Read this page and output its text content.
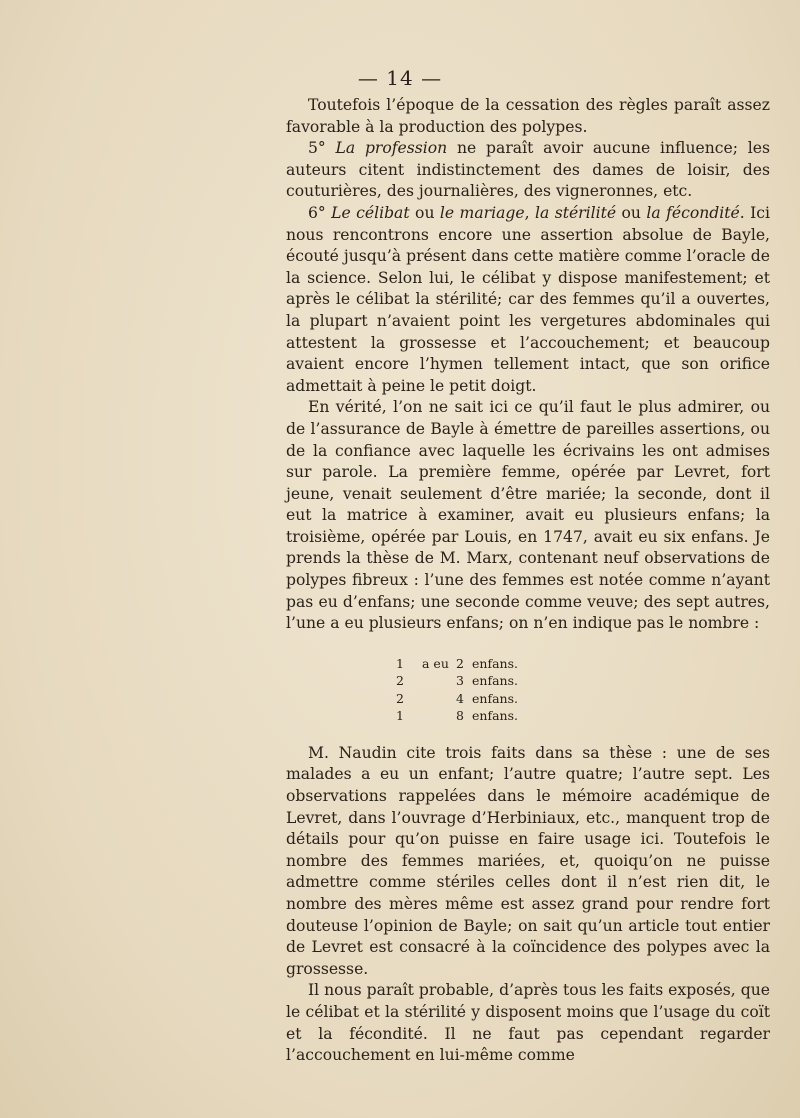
— 14 —

Toutefois l’époque de la cessation des règles paraît assez favorable à la production des polypes.

5° La profession ne paraît avoir aucune influence; les auteurs citent indistinctement des dames de loisir, des couturières, des journalières, des vigneronnes, etc.

6° Le célibat ou le mariage, la stérilité ou la fécondité. Ici nous rencontrons encore une assertion absolue de Bayle, écouté jusqu’à présent dans cette matière comme l’oracle de la science. Selon lui, le célibat y dispose manifestement; et après le célibat la stérilité; car des femmes qu’il a ouvertes, la plupart n’avaient point les vergetures abdominales qui attestent la grossesse et l’accouchement; et beaucoup avaient encore l’hymen tellement intact, que son orifice admettait à peine le petit doigt.

En vérité, l’on ne sait ici ce qu’il faut le plus admirer, ou de l’assurance de Bayle à émettre de pareilles assertions, ou de la confiance avec laquelle les écrivains les ont admises sur parole. La première femme, opérée par Levret, fort jeune, venait seulement d’être mariée; la seconde, dont il eut la matrice à examiner, avait eu plusieurs enfans; la troisième, opérée par Louis, en 1747, avait eu six enfans. Je prends la thèse de M. Marx, contenant neuf observations de polypes fibreux : l’une des femmes est notée comme n’ayant pas eu d’enfans; une seconde comme veuve; des sept autres, l’une a eu plusieurs enfans; on n’en indique pas le nombre :

1	a eu 2 enfans.
2	3 enfans.
2	4 enfans.
1	8 enfans.

M. Naudin cite trois faits dans sa thèse : une de ses malades a eu un enfant; l’autre quatre; l’autre sept. Les observations rappelées dans le mémoire académique de Levret, dans l’ouvrage d’Herbiniaux, etc., manquent trop de détails pour qu’on puisse en faire usage ici. Toutefois le nombre des femmes mariées, et, quoiqu’on ne puisse admettre comme stériles celles dont il n’est rien dit, le nombre des mères même est assez grand pour rendre fort douteuse l’opinion de Bayle; on sait qu’un article tout entier de Levret est consacré à la coïncidence des polypes avec la grossesse.

Il nous paraît probable, d’après tous les faits exposés, que le célibat et la stérilité y disposent moins que l’usage du coït et la fécondité. Il ne faut pas cependant regarder l’accouchement en lui-même comme
